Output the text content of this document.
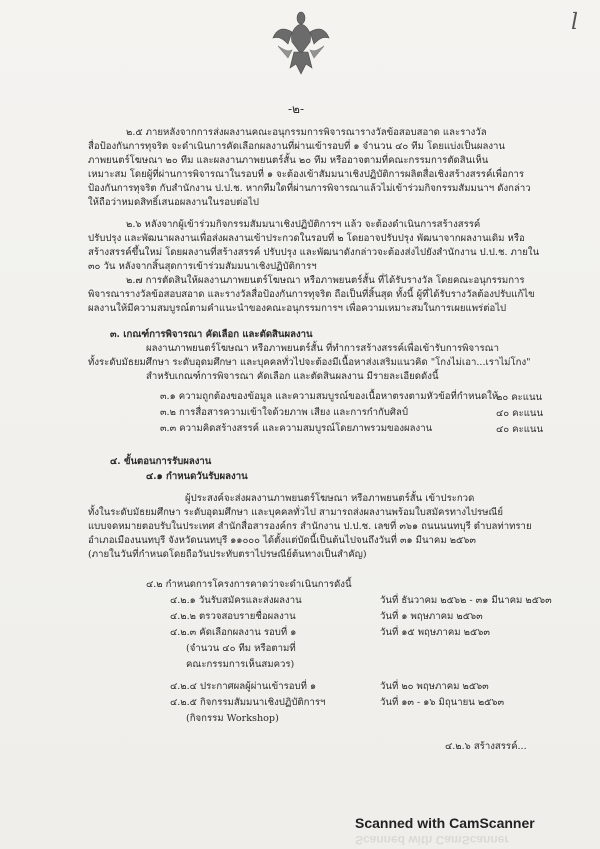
l
-๒-
๒.๕ ภายหลังจากการส่งผลงานคณะอนุกรรมการพิจารณารางวัลข้อสอบสอาด และรางวัล
สื่อป้องกันการทุจริต จะดำเนินการคัดเลือกผลงานที่ผ่านเข้ารอบที่ ๑ จำนวน ๔๐ ทีม โดยแบ่งเป็นผลงาน
ภาพยนตร์โฆษณา ๒๐ ทีม และผลงานภาพยนตร์สั้น ๒๐ ทีม หรืออาจตามที่คณะกรรมการตัดสินเห็น
เหมาะสม โดยผู้ที่ผ่านการพิจารณาในรอบที่ ๑ จะต้องเข้าสัมมนาเชิงปฏิบัติการผลิตสื่อเชิงสร้างสรรค์เพื่อการ
ป้องกันการทุจริต กับสำนักงาน ป.ป.ช. หากทีมใดที่ผ่านการพิจารณาแล้วไม่เข้าร่วมกิจกรรมสัมมนาฯ ดังกล่าว
ให้ถือว่าหมดสิทธิ์เสนอผลงานในรอบต่อไป
๒.๖ หลังจากผู้เข้าร่วมกิจกรรมสัมมนาเชิงปฏิบัติการฯ แล้ว จะต้องดำเนินการสร้างสรรค์
ปรับปรุง และพัฒนาผลงานเพื่อส่งผลงานเข้าประกวดในรอบที่ ๒ โดยอาจปรับปรุง พัฒนาจากผลงานเดิม หรือ
สร้างสรรค์ขึ้นใหม่ โดยผลงานที่สร้างสรรค์ ปรับปรุง และพัฒนาดังกล่าวจะต้องส่งไปยังสำนักงาน ป.ป.ช. ภายใน
๓๐ วัน หลังจากสิ้นสุดการเข้าร่วมสัมมนาเชิงปฏิบัติการฯ
๒.๗ การตัดสินให้ผลงานภาพยนตร์โฆษณา หรือภาพยนตร์สั้น ที่ได้รับรางวัล โดยคณะอนุกรรมการ
พิจารณารางวัลข้อสอบสอาด และรางวัลสื่อป้องกันการทุจริต ถือเป็นที่สิ้นสุด ทั้งนี้ ผู้ที่ได้รับรางวัลต้องปรับแก้ไข
ผลงานให้มีความสมบูรณ์ตามคำแนะนำของคณะอนุกรรมการฯ เพื่อความเหมาะสมในการเผยแพร่ต่อไป
๓. เกณฑ์การพิจารณา คัดเลือก และตัดสินผลงาน
ผลงานภาพยนตร์โฆษณา หรือภาพยนตร์สั้น ที่ทำการสร้างสรรค์เพื่อเข้ารับการพิจารณา
ทั้งระดับมัธยมศึกษา ระดับอุดมศึกษา และบุคคลทั่วไปจะต้องมีเนื้อหาส่งเสริมแนวคิด "โกงไม่เอา...เราไม่โกง"
สำหรับเกณฑ์การพิจารณา คัดเลือก และตัดสินผลงาน มีรายละเอียดดังนี้
๓.๑ ความถูกต้องของข้อมูล และความสมบูรณ์ของเนื้อหาตรงตามหัวข้อที่กำหนดให้
๓.๒ การสื่อสารความเข้าใจด้วยภาพ เสียง และการกำกับศิลป์
๓.๓ ความคิดสร้างสรรค์ และความสมบูรณ์โดยภาพรวมของผลงาน
๔. ขั้นตอนการรับผลงาน
๔.๑ กำหนดวันรับผลงาน
ผู้ประสงค์จะส่งผลงานภาพยนตร์โฆษณา หรือภาพยนตร์สั้น เข้าประกวด
ทั้งในระดับมัธยมศึกษา ระดับอุดมศึกษา และบุคคลทั่วไป สามารถส่งผลงานพร้อมใบสมัครทางไปรษณีย์
แบบจดหมายตอบรับในประเทศ สำนักสื่อสารองค์กร สำนักงาน ป.ป.ช. เลขที่ ๓๖๑ ถนนนนทบุรี ตำบลท่าทราย
อำเภอเมืองนนทบุรี จังหวัดนนทบุรี ๑๑๐๐๐ ได้ตั้งแต่บัดนี้เป็นต้นไปจนถึงวันที่ ๓๑ มีนาคม ๒๕๖๓
(ภายในวันที่กำหนดโดยถือวันประทับตราไปรษณีย์ต้นทางเป็นสำคัญ)
๔.๒ กำหนดการโครงการคาดว่าจะดำเนินการดังนี้
๔.๒.๑ วันรับสมัครและส่งผลงาน
๔.๒.๒ ตรวจสอบรายชื่อผลงาน
๔.๒.๓ คัดเลือกผลงาน รอบที่ ๑
(จำนวน ๔๐ ทีม หรือตามที่
คณะกรรมการเห็นสมควร)
๔.๒.๔ ประกาศผลผู้ผ่านเข้ารอบที่ ๑
๔.๒.๕ กิจกรรมสัมมนาเชิงปฏิบัติการฯ
(กิจกรรม Workshop)
วันที่ ธันวาคม ๒๕๖๒ - ๓๑ มีนาคม ๒๕๖๓
วันที่ ๑ พฤษภาคม ๒๕๖๓
วันที่ ๑๕ พฤษภาคม ๒๕๖๓
วันที่ ๒๐ พฤษภาคม ๒๕๖๓
วันที่ ๑๓ - ๑๖ มิถุนายน ๒๕๖๓
๔.๒.๖ สร้างสรรค์...
๒๐ คะแนน
๔๐ คะแนน
๔๐ คะแนน
Scanned with CamScanner
Scanned with CamScanner
